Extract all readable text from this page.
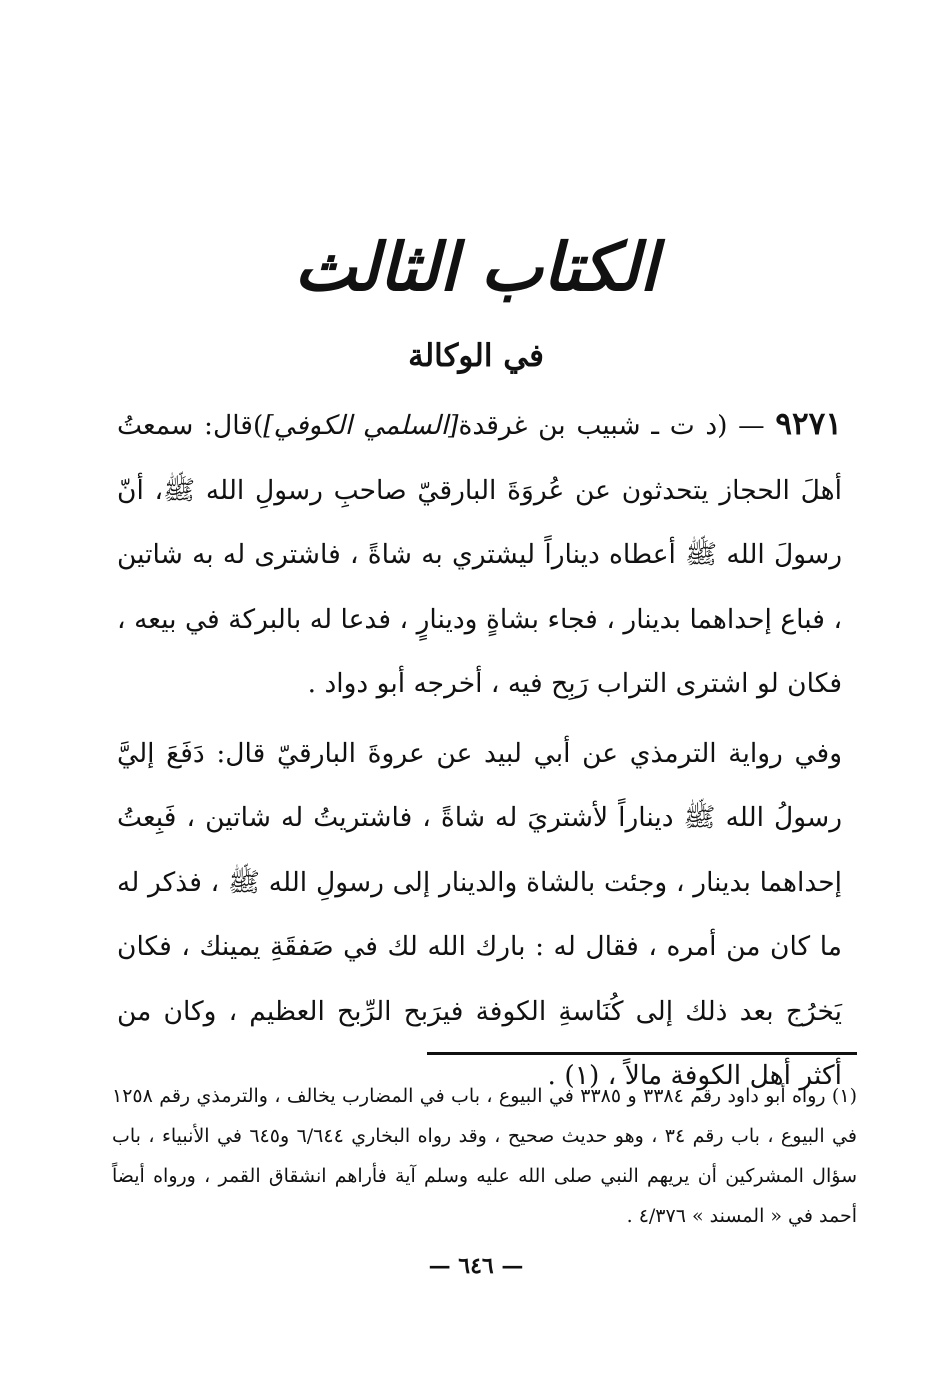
الكتاب الثالث
في الوكالة

٩٢٧١ — (د ت ـ شبيب بن غرقدة[السلمي الكوفي])قال: سمعتُ أهلَ الحجاز يتحدثون عن عُروَةَ البارقيّ صاحبِ رسولِ الله ﷺ، أنّ رسولَ الله ﷺ أعطاه ديناراً ليشتري به شاةً ، فاشترى له به شاتين ، فباع إحداهما بدينار ، فجاء بشاةٍ ودينارٍ ، فدعا له بالبركة في بيعه ، فكان لو اشترى التراب رَبِح فيه ، أخرجه أبو دواد .

وفي رواية الترمذي عن أبي لبيد عن عروةَ البارقيّ قال: دَفَعَ إليَّ رسولُ الله ﷺ ديناراً لأشتريَ له شاةً ، فاشتريتُ له شاتين ، فَبِعتُ إحداهما بدينار ، وجئت بالشاة والدينار إلى رسولِ الله ﷺ ، فذكر له ما كان من أمره ، فقال له : بارك الله لك في صَفقَةِ يمينك ، فكان يَخرُج بعد ذلك إلى كُنَاسةِ الكوفة فيرَبح الرِّبح العظيم ، وكان من أكثر أهل الكوفة مالاً ، (١) .

(١) رواه أبو داود رقم ٣٣٨٤ و ٣٣٨٥ في البيوع ، باب في المضارب يخالف ، والترمذي رقم ١٢٥٨ في البيوع ، باب رقم ٣٤ ، وهو حديث صحيح ، وقد رواه البخاري ٦/٦٤٤ و٦٤٥ في الأنبياء ، باب سؤال المشركين أن يريهم النبي صلى الله عليه وسلم آية فأراهم انشقاق القمر ، ورواه أيضاً أحمد في « المسند » ٤/٣٧٦ .
— ٦٤٦ —
